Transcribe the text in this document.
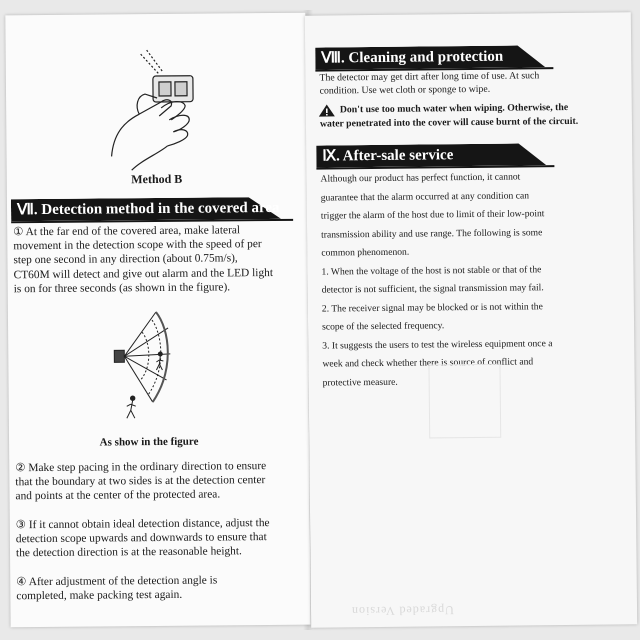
Method B
Ⅶ. Detection method in the covered area
① At the far end of the covered area, make lateral movement in the detection scope with the speed of per step one second in any direction (about 0.75m/s), CT60M will detect and give out alarm and the LED light is on for three seconds (as shown in the figure).
As show in the figure
② Make step pacing in the ordinary direction to ensure that the boundary at two sides is at the detection center and points at the center of the protected area.
③ If it cannot obtain ideal detection distance, adjust the detection scope upwards and downwards to ensure that the detection direction is at the reasonable height.
④ After adjustment of the detection angle is completed, make packing test again.
Ⅷ. Cleaning and protection
The detector may get dirt after long time of use. At such condition. Use wet cloth or sponge to wipe.
Don't use too much water when wiping. Otherwise, the water penetrated into the cover will cause burnt of the circuit.
Ⅸ. After-sale service
Although our product has perfect function, it cannot
guarantee that the alarm occurred at any condition can
trigger the alarm of the host due to limit of their low-point
transmission ability and use range. The following is some
common phenomenon.
1. When the voltage of the host is not stable or that of the
detector is not sufficient, the signal transmission may fail.
2. The receiver signal may be blocked or is not within the
scope of the selected frequency.
3. It suggests the users to test the wireless equipment once a
week and check whether there is source of conflict and
protective measure.
Upgraded Version
